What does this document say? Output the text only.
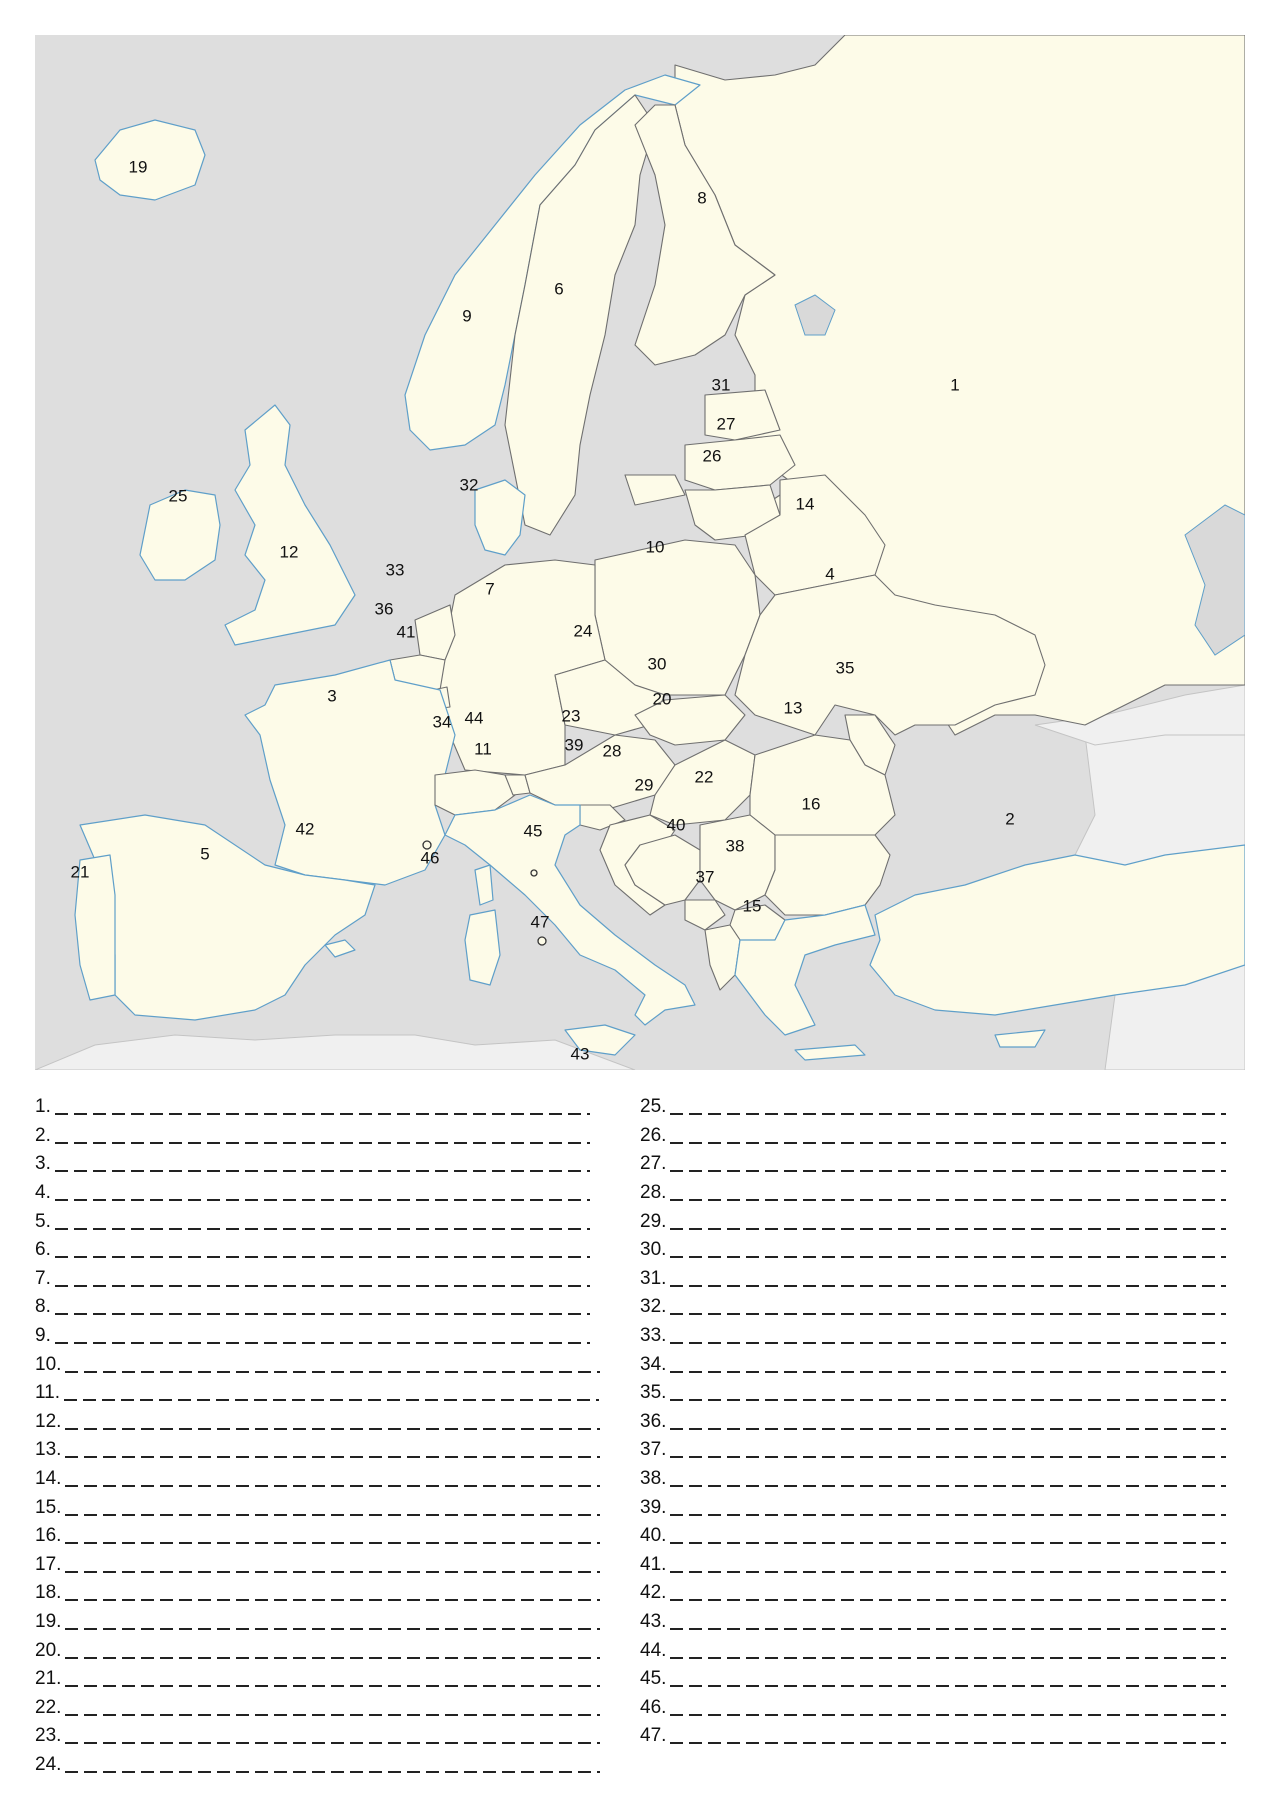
1
2
3
4
5
6
7
8
9
10
11
12
13
14
15
16
19
20
21
22
23
24
25
26
27
28
29
30
31
32
33
34
35
36
37
38
39
40
41
42
43
44
45
46
47
1.
2.
3.
4.
5.
6.
7.
8.
9.
10.
11.
12.
13.
14.
15.
16.
17.
18.
19.
20.
21.
22.
23.
24.
25.
26.
27.
28.
29.
30.
31.
32.
33.
34.
35.
36.
37.
38.
39.
40.
41.
42.
43.
44.
45.
46.
47.
